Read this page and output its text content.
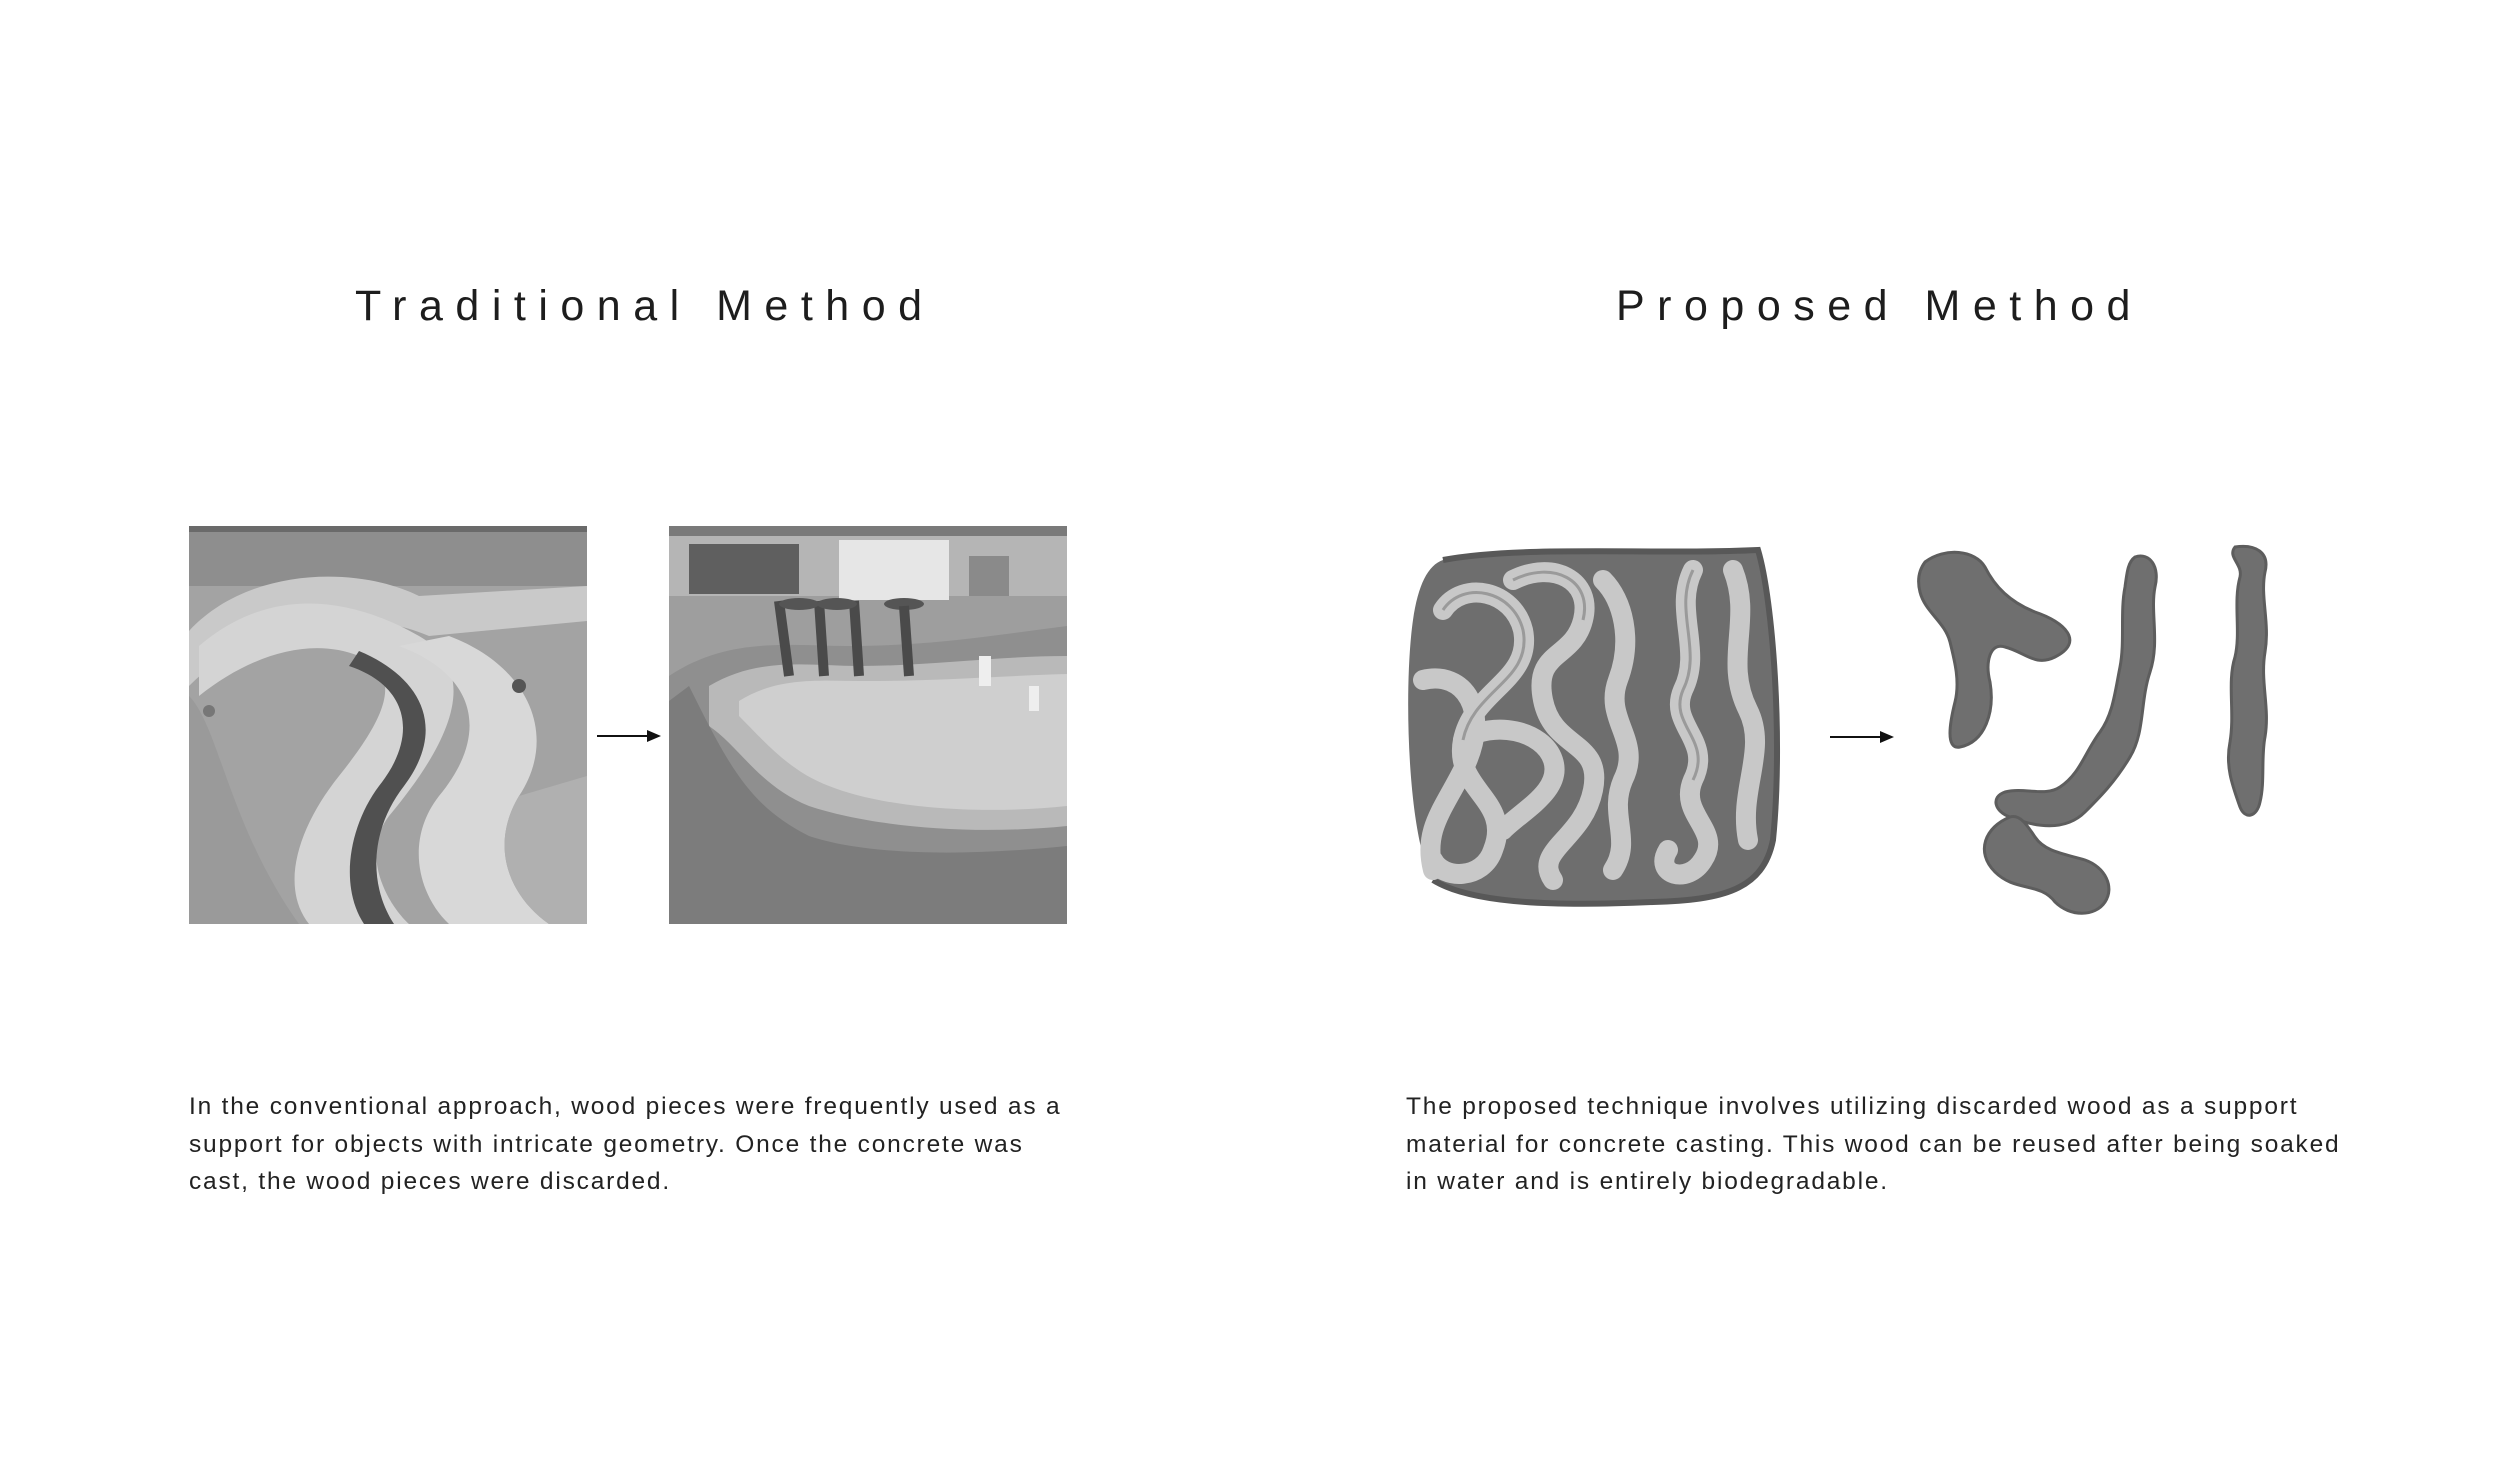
Traditional Method

In the conventional approach, wood pieces were frequently used as a support for objects with intricate geometry. Once the concrete was cast, the wood pieces were discarded.

Proposed Method

The proposed technique involves utilizing discarded wood as a support material for concrete casting. This wood can be reused after being soaked in water and is entirely biodegradable.
